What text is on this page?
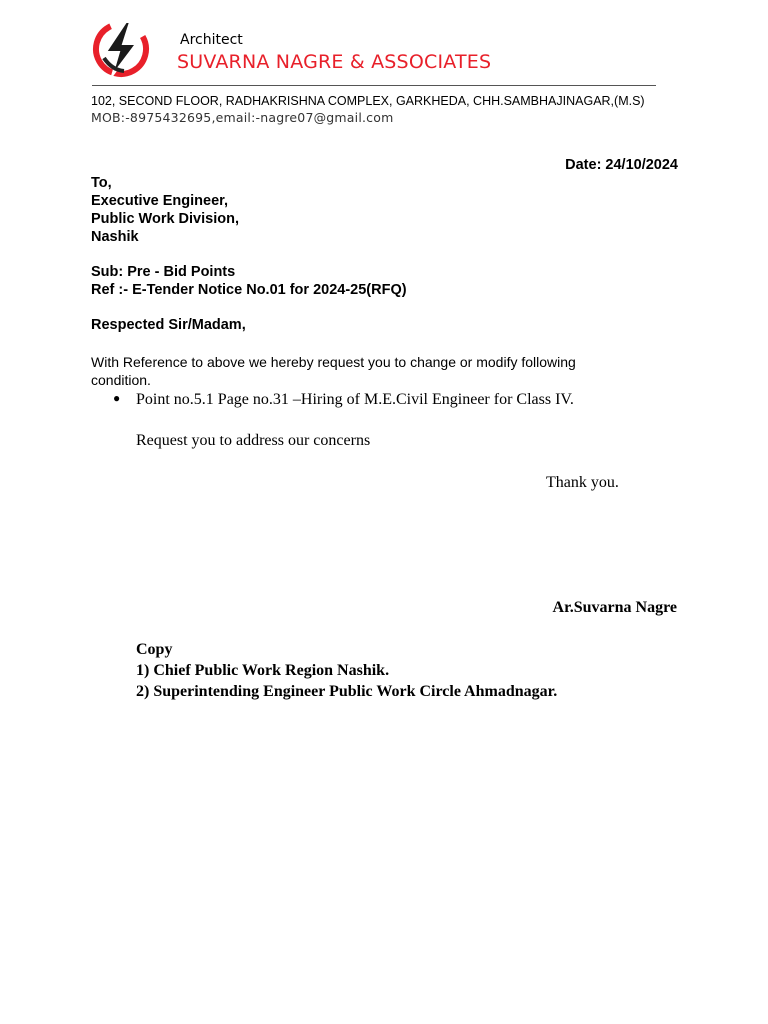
Architect
SUVARNA NAGRE & ASSOCIATES
102, SECOND FLOOR, RADHAKRISHNA COMPLEX, GARKHEDA, CHH.SAMBHAJINAGAR,(M.S)
MOB:-8975432695,email:-nagre07@gmail.com
Date: 24/10/2024
To,
Executive Engineer,
Public Work Division,
Nashik
Sub: Pre - Bid Points
Ref :- E-Tender Notice No.01 for 2024-25(RFQ)
Respected Sir/Madam,
With Reference to above we hereby request you to change or modify following
condition.
● Point no.5.1 Page no.31 –Hiring of M.E.Civil Engineer for Class IV.
Request you to address our concerns
Thank you.
Ar.Suvarna Nagre
Copy
1) Chief Public Work Region Nashik.
2) Superintending Engineer Public Work Circle Ahmadnagar.
